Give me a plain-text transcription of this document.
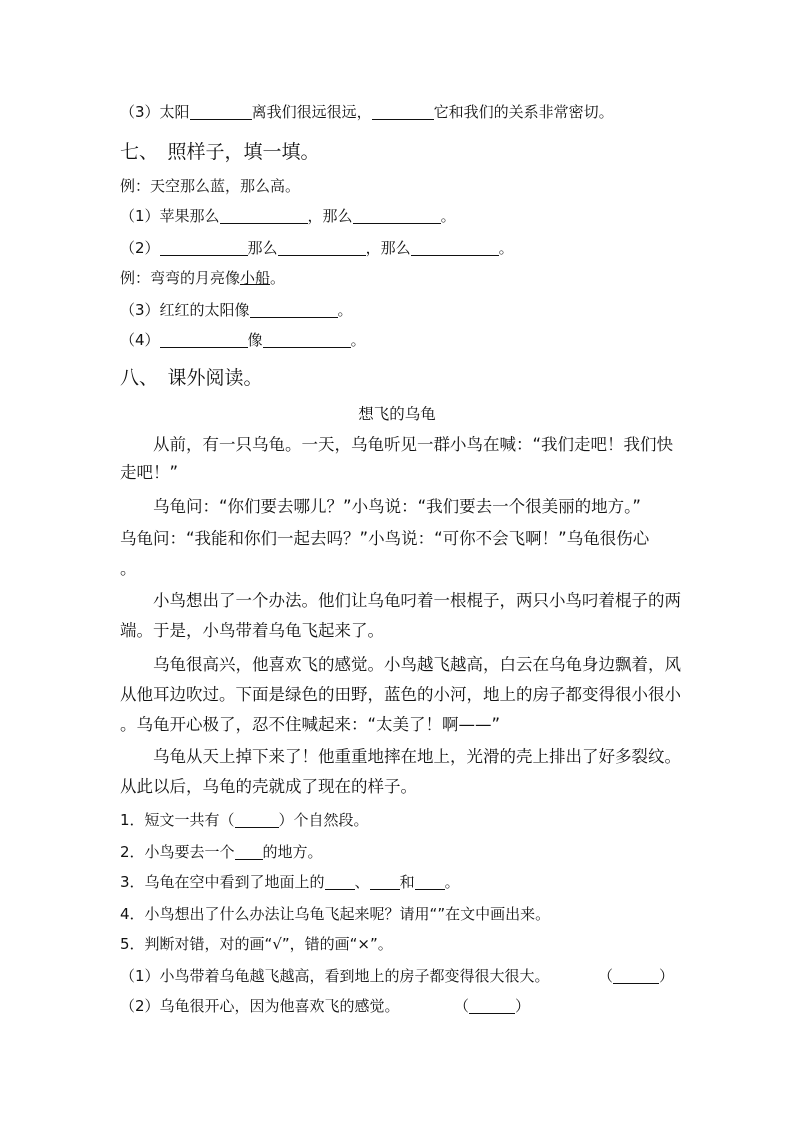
（3）太阳	离我们很远很远，	它和我们的关系非常密切。
七、　照样子，填一填。
例：天空那么蓝，那么高。
（1）苹果那么	，那么	。
（2）	那么	，那么	。
例：弯弯的月亮像小船。
（3）红红的太阳像	。
（4）	像	。
八、　课外阅读。
想飞的乌龟
　　从前，有一只乌龟。一天，乌龟听见一群小鸟在喊：“我们走吧！我们快
走吧！”
　　乌龟问：“你们要去哪儿？”小鸟说：“我们要去一个很美丽的地方。”
乌龟问：“我能和你们一起去吗？”小鸟说：“可你不会飞啊！”乌龟很伤心
。
　　小鸟想出了一个办法。他们让乌龟叼着一根棍子，两只小鸟叼着棍子的两
端。于是，小鸟带着乌龟飞起来了。
　　乌龟很高兴，他喜欢飞的感觉。小鸟越飞越高，白云在乌龟身边飘着，风
从他耳边吹过。下面是绿色的田野，蓝色的小河，地上的房子都变得很小很小
。乌龟开心极了，忍不住喊起来：“太美了！啊——”
　　乌龟从天上掉下来了！他重重地摔在地上，光滑的壳上排出了好多裂纹。
从此以后，乌龟的壳就成了现在的样子。
1．短文一共有（	）个自然段。
2．小鸟要去一个 的地方。
3．乌龟在空中看到了地面上的 、 和 。
4．小鸟想出了什么办法让乌龟飞起来呢？请用“”在文中画出来。
5．判断对错，对的画“√”，错的画“×”。
（1）小鸟带着乌龟越飞越高，看到地上的房子都变得很大很大。	（	）
（2）乌龟很开心，因为他喜欢飞的感觉。	（	）
